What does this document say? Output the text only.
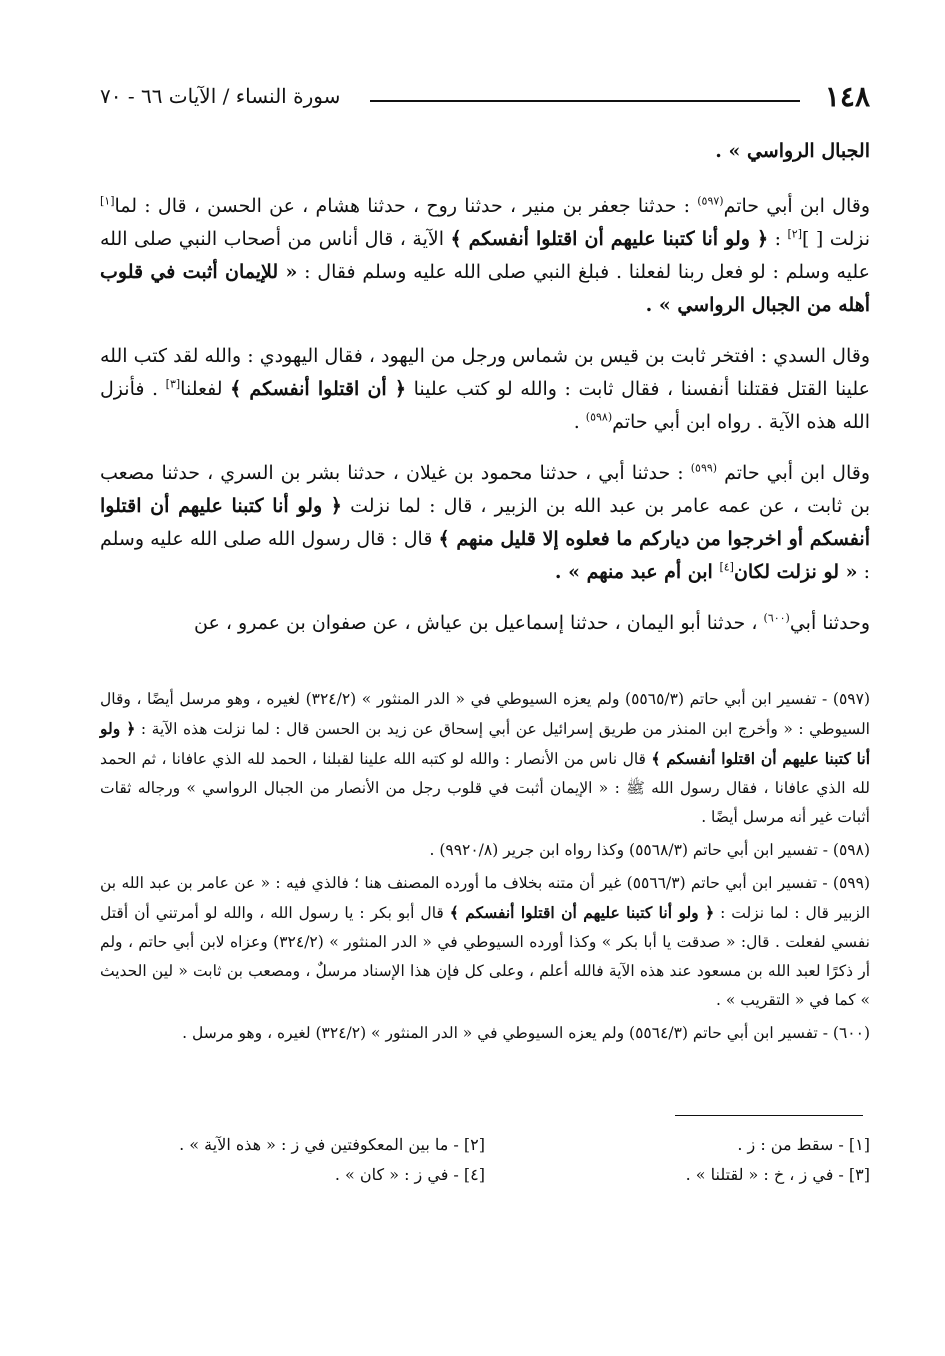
١٤٨
سورة النساء / الآيات ٦٦ - ٧٠

الجبال الرواسي » .

وقال ابن أبي حاتم$^{(٥٩٧)}$ : حدثنا جعفر بن منير ، حدثنا روح ، حدثنا هشام ، عن الحسن ، قال : لما[١] نزلت [ ][٢] : ﴿ ولو أنا كتبنا عليهم أن اقتلوا أنفسكم ﴾ الآية ، قال أناس من أصحاب النبي صلى الله عليه وسلم : لو فعل ربنا لفعلنا . فبلغ النبي صلى الله عليه وسلم فقال : « للإيمان أثبت في قلوب أهله من الجبال الرواسي » .

وقال السدي : افتخر ثابت بن قيس بن شماس ورجل من اليهود ، فقال اليهودي : والله لقد كتب الله علينا القتل فقتلنا أنفسنا ، فقال ثابت : والله لو كتب علينا ﴿ أن اقتلوا أنفسكم ﴾ لفعلنا[٣] . فأنزل الله هذه الآية . رواه ابن أبي حاتم$^{(٥٩٨)}$ .

وقال ابن أبي حاتم $^{(٥٩٩)}$ : حدثنا أبي ، حدثنا محمود بن غيلان ، حدثنا بشر بن السري ، حدثنا مصعب بن ثابت ، عن عمه عامر بن عبد الله بن الزبير ، قال : لما نزلت ﴿ ولو أنا كتبنا عليهم أن اقتلوا أنفسكم أو اخرجوا من دياركم ما فعلوه إلا قليل منهم ﴾ قال : قال رسول الله صلى الله عليه وسلم : « لو نزلت لكان[٤] ابن أم عبد منهم » .

وحدثنا أبي$^{(٦٠٠)}$ ، حدثنا أبو اليمان ، حدثنا إسماعيل بن عياش ، عن صفوان بن عمرو ، عن

(٥٩٧) - تفسير ابن أبي حاتم (٥٥٦٥/٣) ولم يعزه السيوطي في « الدر المنثور » (٣٢٤/٢) لغيره ، وهو مرسل أيضًا ، وقال السيوطي : « وأخرج ابن المنذر من طريق إسرائيل عن أبي إسحاق عن زيد بن الحسن قال : لما نزلت هذه الآية : ﴿ ولو أنا كتبنا عليهم أن اقتلوا أنفسكم ﴾ قال ناس من الأنصار : والله لو كتبه الله علينا لقبلنا ، الحمد لله الذي عافانا ، ثم الحمد لله الذي عافانا ، فقال رسول الله ﷺ : « الإيمان أثبت في قلوب رجل من الأنصار من الجبال الرواسي » ورجاله ثقات أثبات غير أنه مرسل أيضًا .

(٥٩٨) - تفسير ابن أبي حاتم (٥٥٦٨/٣) وكذا رواه ابن جرير (٩٩٢٠/٨) .

(٥٩٩) - تفسير ابن أبي حاتم (٥٥٦٦/٣) غير أن متنه بخلاف ما أورده المصنف هنا ؛ فالذي فيه : « عن عامر بن عبد الله بن الزبير قال : لما نزلت : ﴿ ولو أنا كتبنا عليهم أن اقتلوا أنفسكم ﴾ قال أبو بكر : يا رسول الله ، والله لو أمرتني أن أقتل نفسي لفعلت . قال: « صدقت يا أبا بكر » وكذا أورده السيوطي في « الدر المنثور » (٣٢٤/٢) وعزاه لابن أبي حاتم ، ولم أر ذكرًا لعبد الله بن مسعود عند هذه الآية فالله أعلم ، وعلى كل فإن هذا الإسناد مرسلٌ ، ومصعب بن ثابت « لين الحديث » كما في « التقريب » .

(٦٠٠) - تفسير ابن أبي حاتم (٥٥٦٤/٣) ولم يعزه السيوطي في « الدر المنثور » (٣٢٤/٢) لغيره ، وهو مرسل .

[١] - سقط من : ز .
[٢] - ما بين المعكوفتين في ز : « هذه الآية » .
[٣] - في ز ، خ : « لقتلنا » .
[٤] - في ز : « كان » .
